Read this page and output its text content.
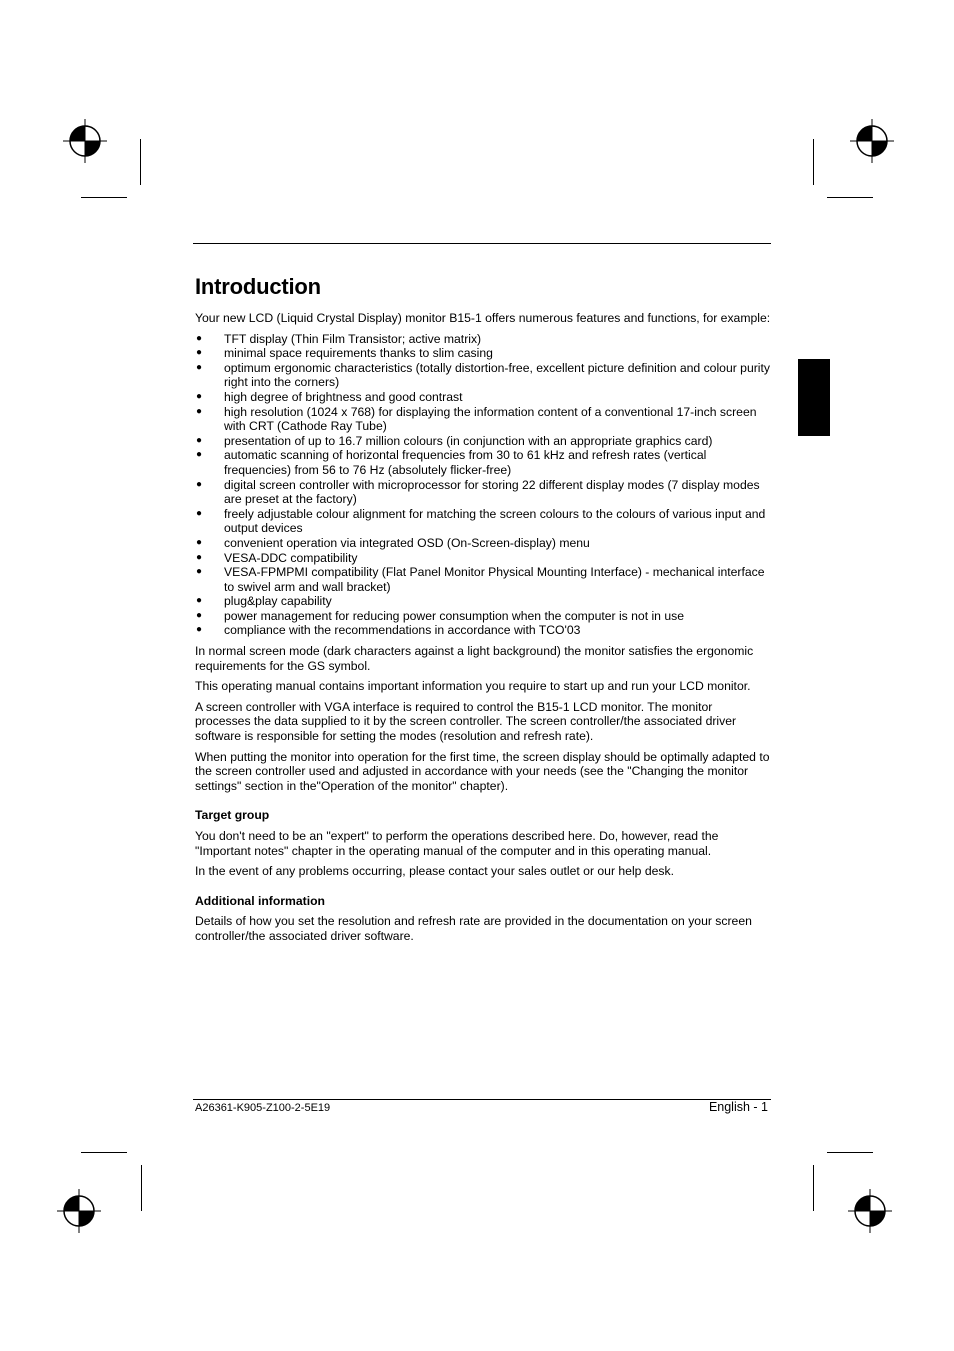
Introduction

Your new LCD (Liquid Crystal Display) monitor B15-1 offers numerous features and functions, for example:

● TFT display (Thin Film Transistor; active matrix)
● minimal space requirements thanks to slim casing
● optimum ergonomic characteristics (totally distortion-free, excellent picture definition and colour purity right into the corners)
● high degree of brightness and good contrast
● high resolution (1024 x 768) for displaying the information content of a conventional 17-inch screen with CRT (Cathode Ray Tube)
● presentation of up to 16.7 million colours (in conjunction with an appropriate graphics card)
● automatic scanning of horizontal frequencies from 30 to 61 kHz and refresh rates (vertical frequencies) from 56 to 76 Hz (absolutely flicker-free)
● digital screen controller with microprocessor for storing 22 different display modes (7 display modes are preset at the factory)
● freely adjustable colour alignment for matching the screen colours to the colours of various input and output devices
● convenient operation via integrated OSD (On-Screen-display) menu
● VESA-DDC compatibility
● VESA-FPMPMI compatibility (Flat Panel Monitor Physical Mounting Interface) - mechanical interface to swivel arm and wall bracket)
● plug&play capability
● power management for reducing power consumption when the computer is not in use
● compliance with the recommendations in accordance with TCO'03

In normal screen mode (dark characters against a light background) the monitor satisfies the ergonomic requirements for the GS symbol.

This operating manual contains important information you require to start up and run your LCD monitor.

A screen controller with VGA interface is required to control the B15-1 LCD monitor. The monitor processes the data supplied to it by the screen controller. The screen controller/the associated driver software is responsible for setting the modes (resolution and refresh rate).

When putting the monitor into operation for the first time, the screen display should be optimally adapted to the screen controller used and adjusted in accordance with your needs (see the "Changing the monitor settings" section in the"Operation of the monitor" chapter).

Target group

You don't need to be an "expert" to perform the operations described here. Do, however, read the "Important notes" chapter in the operating manual of the computer and in this operating manual.

In the event of any problems occurring, please contact your sales outlet or our help desk.

Additional information

Details of how you set the resolution and refresh rate are provided in the documentation on your screen controller/the associated driver software.

A26361-K905-Z100-2-5E19	English - 1
